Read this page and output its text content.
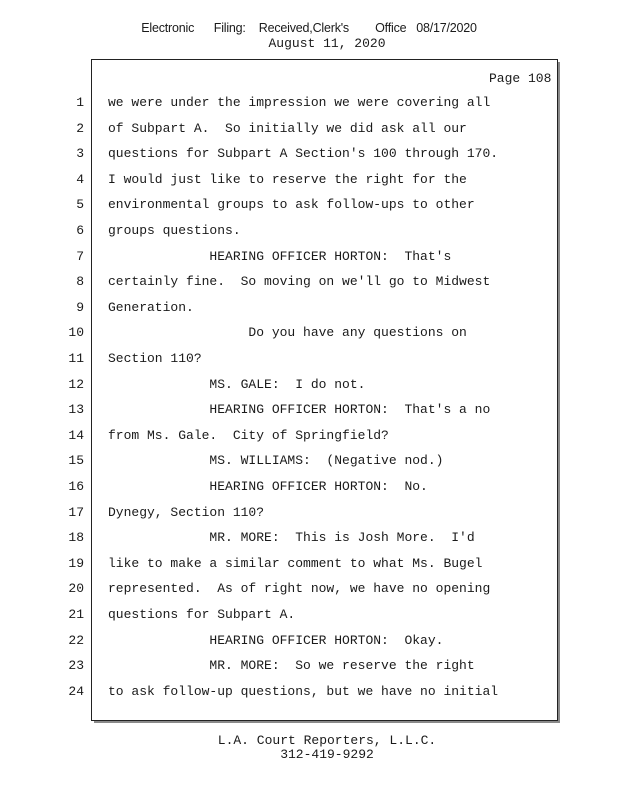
Electronic      Filing:    Received,Clerk's        Office   08/17/2020
August 11, 2020
Page 108
1 we were under the impression we were covering all
2 of Subpart A.  So initially we did ask all our
3 questions for Subpart A Section's 100 through 170.
4 I would just like to reserve the right for the
5 environmental groups to ask follow-ups to other
6 groups questions.
7 HEARING OFFICER HORTON:  That's
8 certainly fine.  So moving on we'll go to Midwest
9 Generation.
10 Do you have any questions on
11 Section 110?
12 MS. GALE:  I do not.
13 HEARING OFFICER HORTON:  That's a no
14 from Ms. Gale.  City of Springfield?
15 MS. WILLIAMS:  (Negative nod.)
16 HEARING OFFICER HORTON:  No.
17 Dynegy, Section 110?
18 MR. MORE:  This is Josh More.  I'd
19 like to make a similar comment to what Ms. Bugel
20 represented.  As of right now, we have no opening
21 questions for Subpart A.
22 HEARING OFFICER HORTON:  Okay.
23 MR. MORE:  So we reserve the right
24 to ask follow-up questions, but we have no initial
L.A. Court Reporters, L.L.C.
312-419-9292
